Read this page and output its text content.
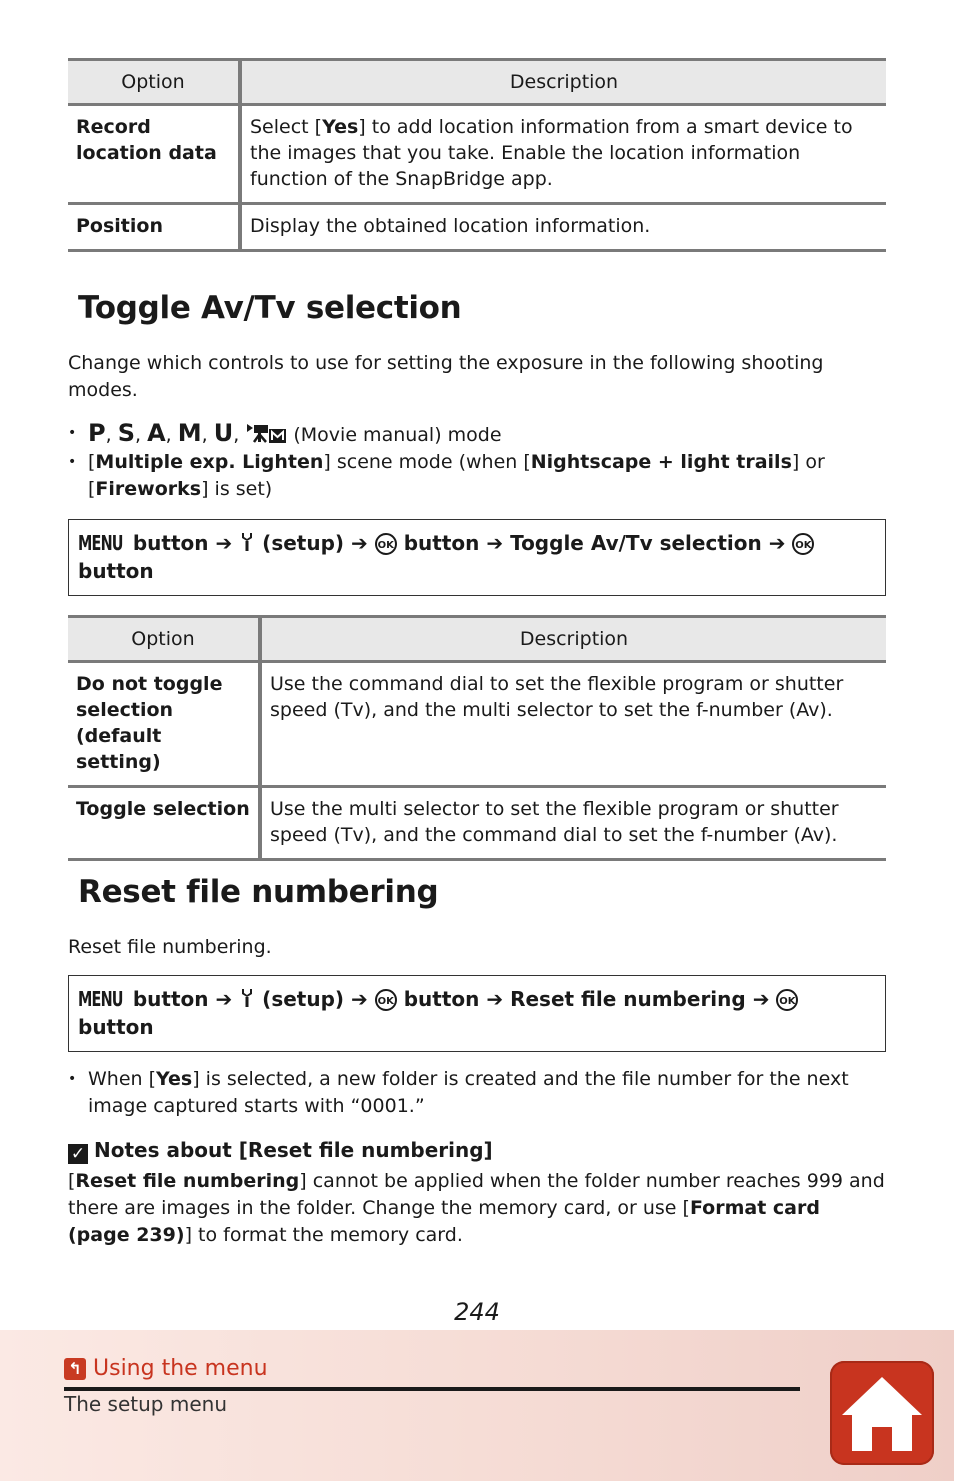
Option	Description
Record location data	Select [Yes] to add location information from a smart device to the images that you take. Enable the location information function of the SnapBridge app.
Position	Display the obtained location information.
Toggle Av/Tv selection

Change which controls to use for setting the exposure in the following shooting modes.

• P, S, A, M, U,	(Movie manual) mode
• [Multiple exp. Lighten] scene mode (when [Nightscape + light trails] or [Fireworks] is set)
MENU button ➔ (setup) ➔ OK button ➔ Toggle Av/Tv selection ➔ OK button
Option	Description
Do not toggle selection (default setting)	Use the command dial to set the flexible program or shutter speed (Tv), and the multi selector to set the f-number (Av).
Toggle selection	Use the multi selector to set the flexible program or shutter speed (Tv), and the command dial to set the f-number (Av).
Reset file numbering

Reset file numbering.

MENU button ➔ (setup) ➔ OK button ➔ Reset file numbering ➔ OK button
• When [Yes] is selected, a new folder is created and the file number for the next image captured starts with “0001.”
✓ Notes about [Reset file numbering]

[Reset file numbering] cannot be applied when the folder number reaches 999 and there are images in the folder. Change the memory card, or use [Format card (page 239)] to format the memory card.

244
↰ Using the menu
The setup menu
